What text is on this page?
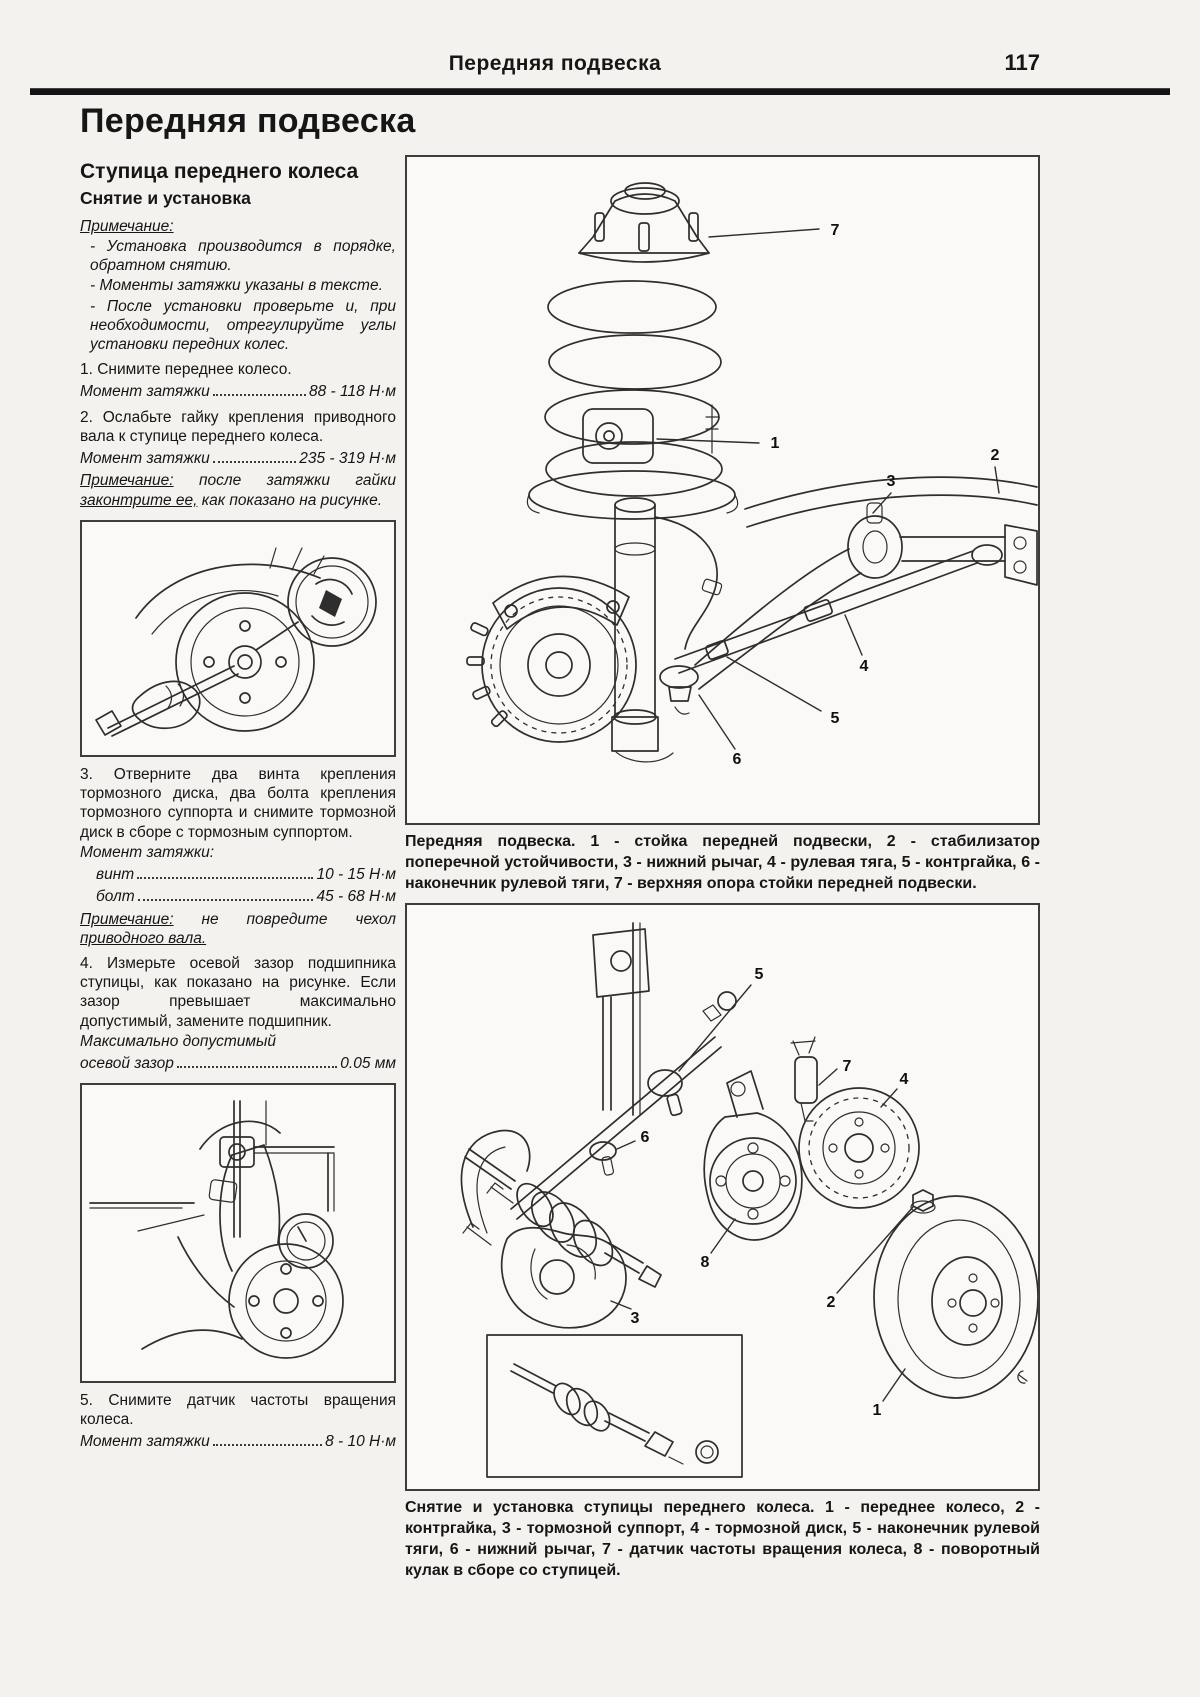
Передняя подвеска	117
Передняя подвеска
Ступица переднего колеса
Снятие и установка

Примечание:

- Установка производится в порядке, обратном снятию.

- Моменты затяжки указаны в тексте.

- После установки проверьте и, при необходимости, отрегулируйте углы установки передних колес.

1. Снимите переднее колесо.

Момент затяжки	88 - 118 Н·м

2. Ослабьте гайку крепления приводного вала к ступице переднего колеса.

Момент затяжки	235 - 319 Н·м

Примечание: после затяжки гайки законтрите ее, как показано на рисунке.

3. Отверните два винта крепления тормозного диска, два болта крепления тормозного суппорта и снимите тормозной диск в сборе с тормозным суппортом.

Момент затяжки:

винт	10 - 15 Н·м
болт	45 - 68 Н·м

Примечание: не повредите чехол приводного вала.

4. Измерьте осевой зазор подшипника ступицы, как показано на рисунке. Если зазор превышает максимально допустимый, замените подшипник.

Максимально допустимый

осевой зазор	0.05 мм

5. Снимите датчик частоты вращения колеса.

Момент затяжки	8 - 10 Н·м
7
1
2
3
4
5
6

Передняя подвеска. 1 - стойка передней подвески, 2 - стабилизатор поперечной устойчивости, 3 - нижний рычаг, 4 - рулевая тяга, 5 - контргайка, 6 - наконечник рулевой тяги, 7 - верхняя опора стойки передней подвески.

5
7
6
8
3
4
2
1

Снятие и установка ступицы переднего колеса. 1 - переднее колесо, 2 - контргайка, 3 - тормозной суппорт, 4 - тормозной диск, 5 - наконечник рулевой тяги, 6 - нижний рычаг, 7 - датчик частоты вращения колеса, 8 - поворотный кулак в сборе со ступицей.
